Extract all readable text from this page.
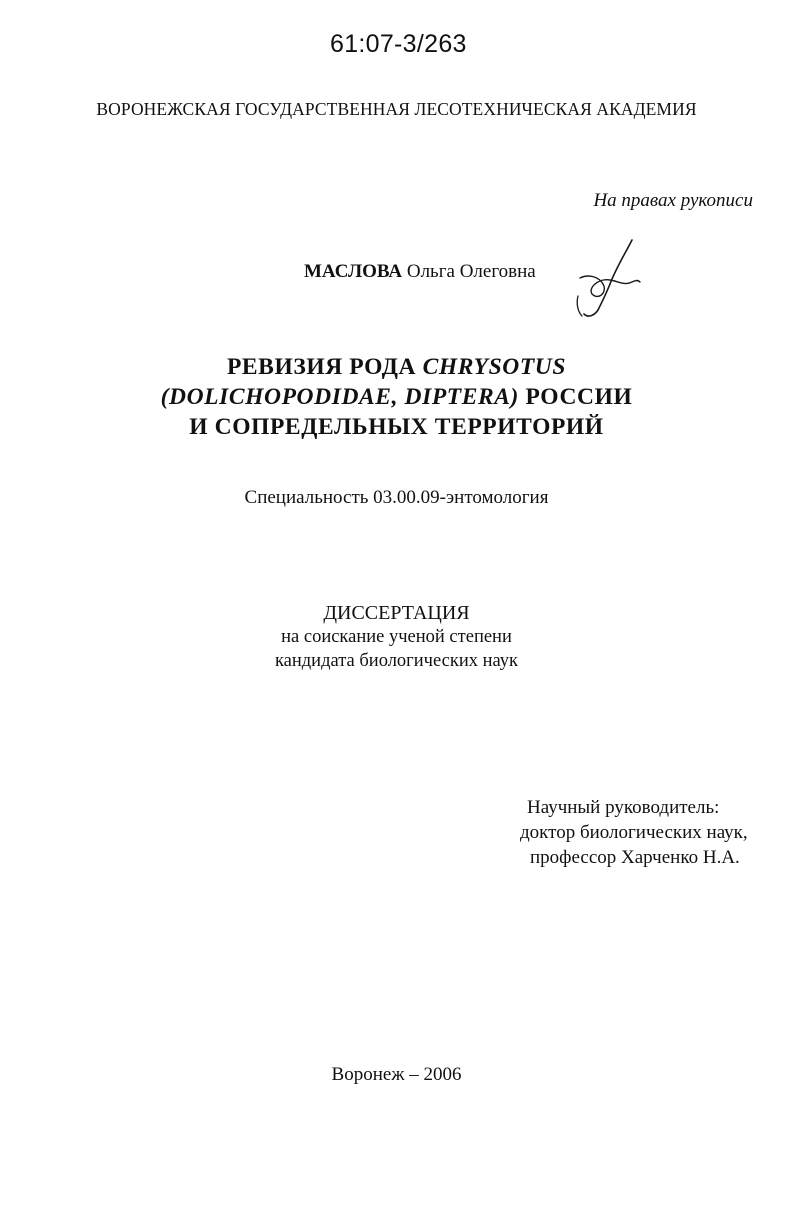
61:07-3/263
ВОРОНЕЖСКАЯ ГОСУДАРСТВЕННАЯ ЛЕСОТЕХНИЧЕСКАЯ АКАДЕМИЯ
На правах рукописи
МАСЛОВА Ольга Олеговна
РЕВИЗИЯ РОДА CHRYSOTUS
(DOLICHOPODIDAE, DIPTERA) РОССИИ
И СОПРЕДЕЛЬНЫХ ТЕРРИТОРИЙ
Специальность 03.00.09-энтомология
ДИССЕРТАЦИЯ
на соискание ученой степени
кандидата биологических наук
Научный руководитель:
доктор биологических наук,
профессор Харченко Н.А.
Воронеж – 2006
